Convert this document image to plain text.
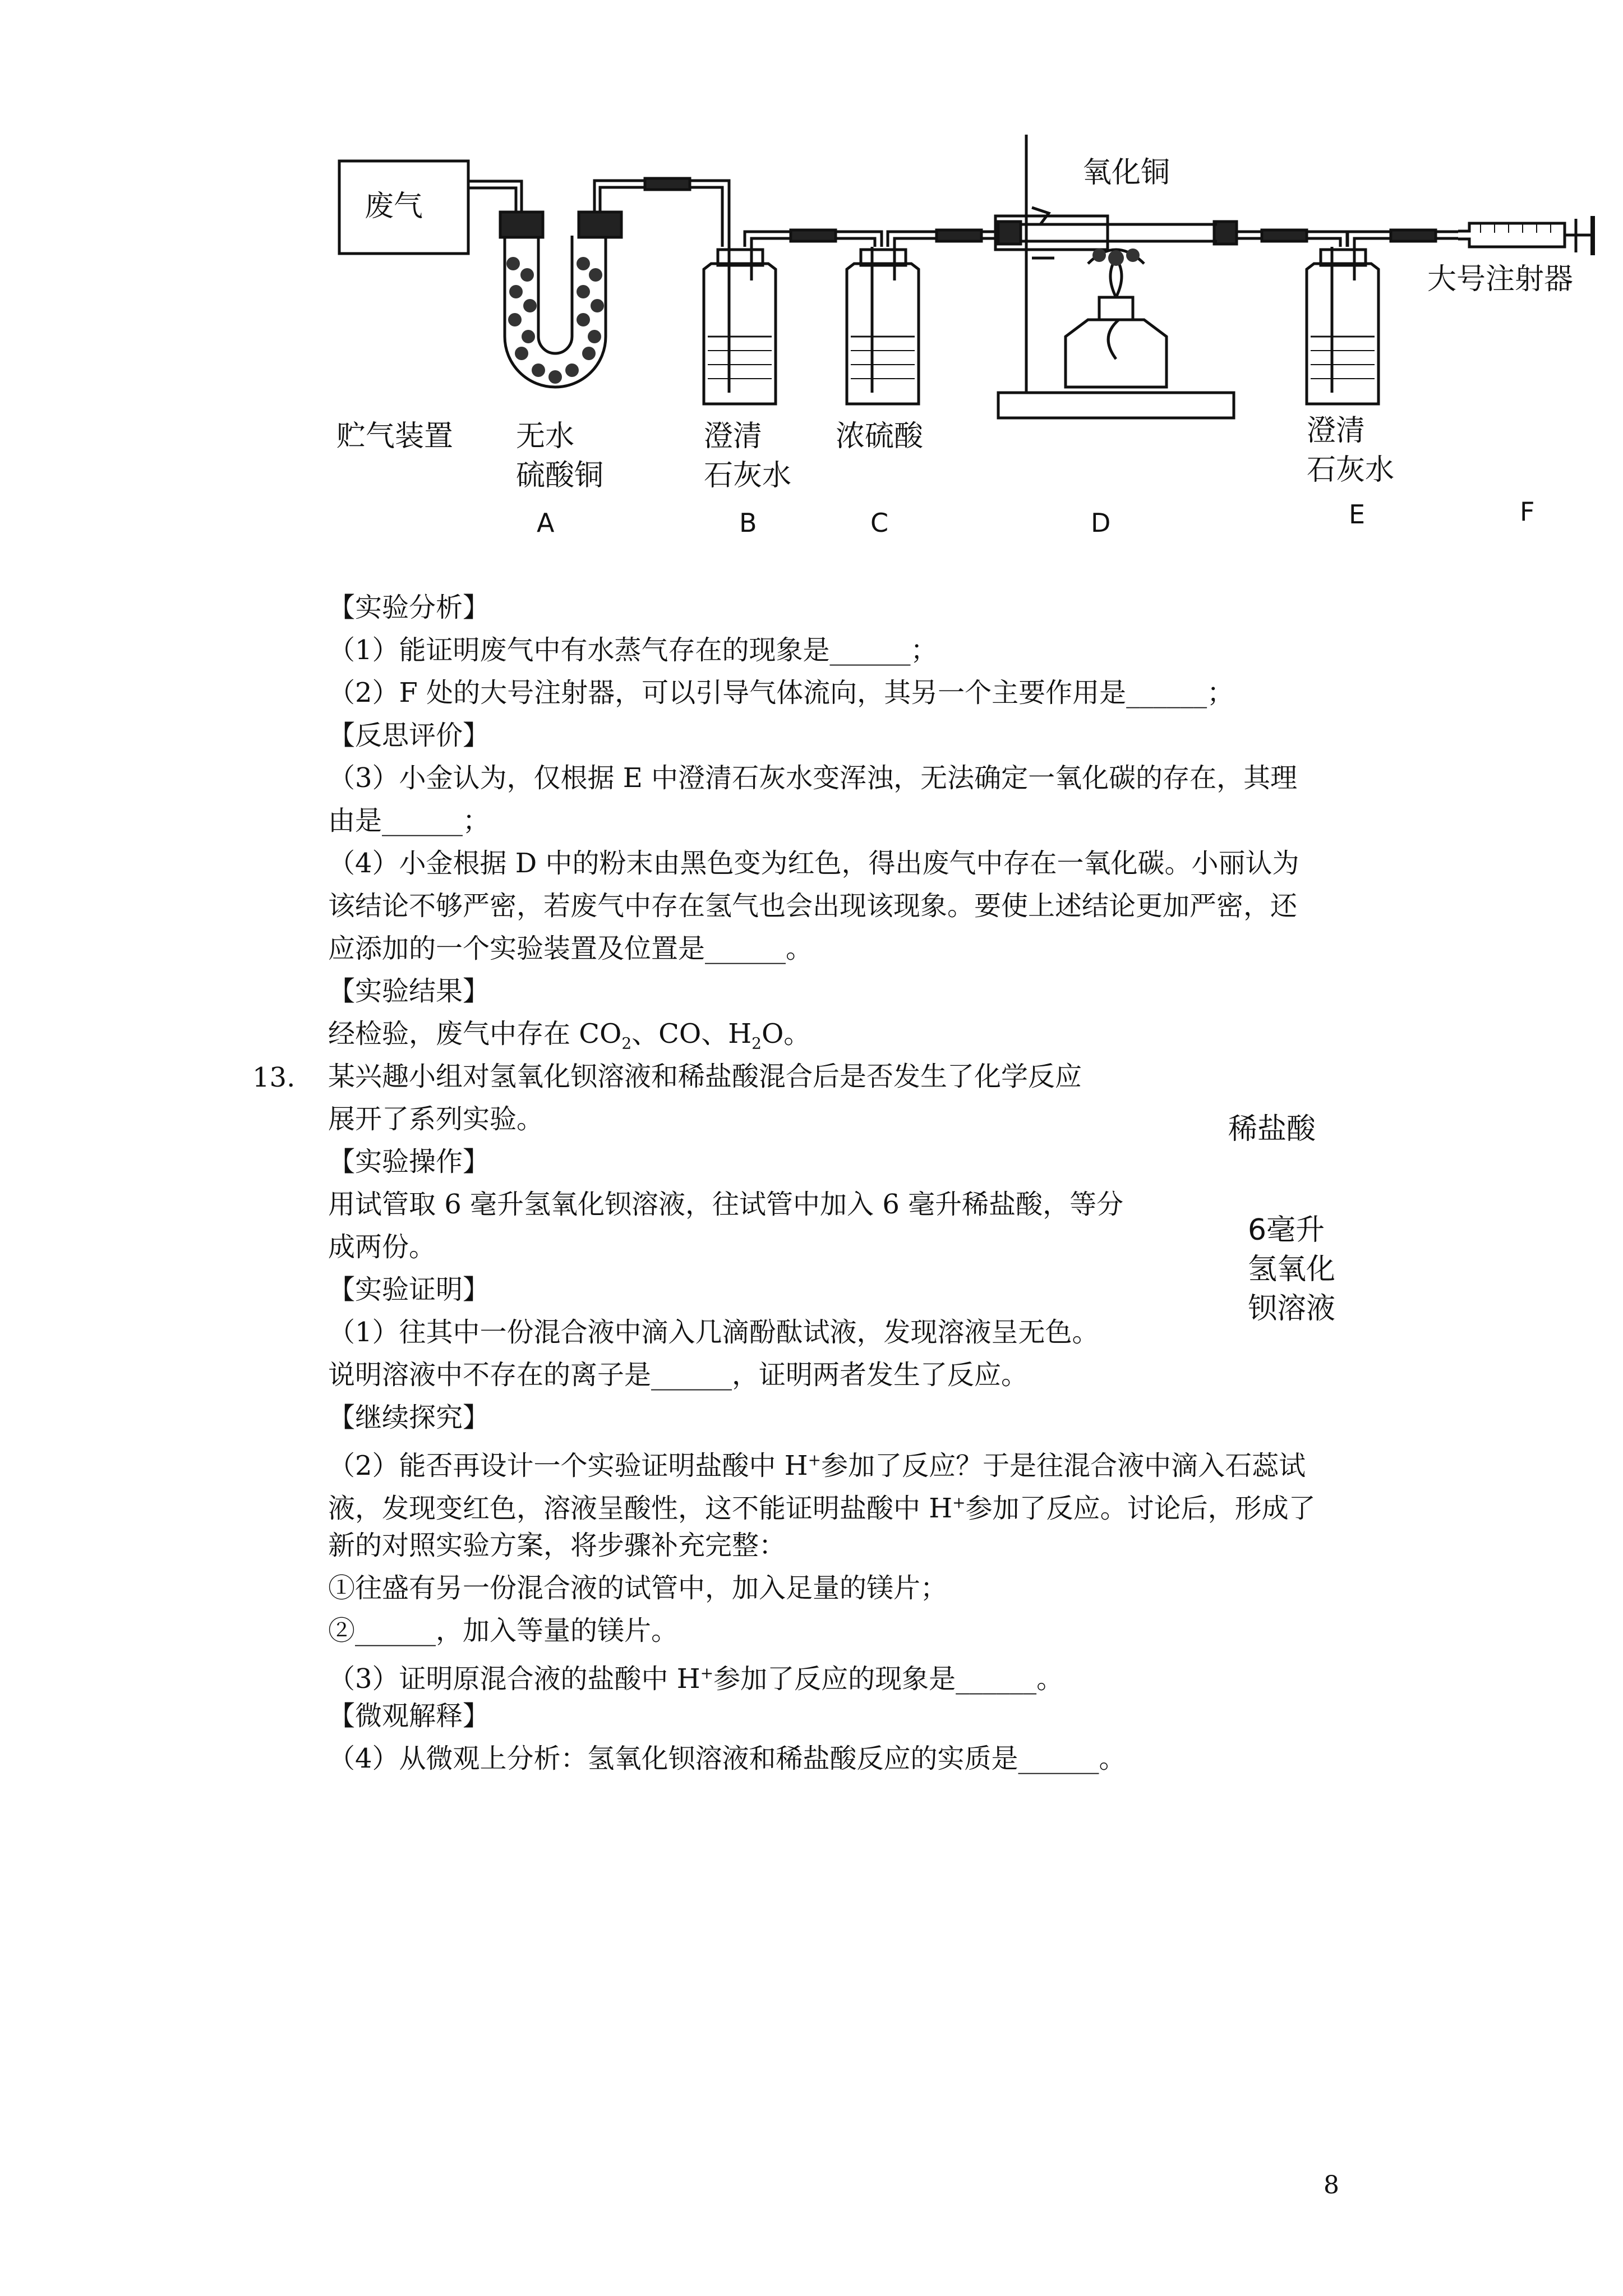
废气
氧化铜
大号注射器
贮气装置 无水
硫酸铜
澄清
石灰水
浓硫酸	澄清
石灰水
A	B	C	D	E	F
【实验分析】
（1）能证明废气中有水蒸气存在的现象是______；
（2）F 处的大号注射器，可以引导气体流向，其另一个主要作用是______；
【反思评价】
（3）小金认为，仅根据 E 中澄清石灰水变浑浊，无法确定一氧化碳的存在，其理
由是______；
（4）小金根据 D 中的粉末由黑色变为红色，得出废气中存在一氧化碳。小丽认为
该结论不够严密，若废气中存在氢气也会出现该现象。要使上述结论更加严密，还
应添加的一个实验装置及位置是______。
【实验结果】
经检验，废气中存在 $CO_2$、CO、$H_2O$。
13. 某兴趣小组对氢氧化钡溶液和稀盐酸混合后是否发生了化学反应
展开了系列实验。
【实验操作】
用试管取 6 毫升氢氧化钡溶液，往试管中加入 6 毫升稀盐酸，等分
成两份。
【实验证明】
（1）往其中一份混合液中滴入几滴酚酞试液，发现溶液呈无色。
说明溶液中不存在的离子是______，证明两者发生了反应。
【继续探究】
（2）能否再设计一个实验证明盐酸中 H+参加了反应？于是往混合液中滴入石蕊试
液，发现变红色，溶液呈酸性，这不能证明盐酸中 H+参加了反应。讨论后，形成了
新的对照实验方案，将步骤补充完整：
①往盛有另一份混合液的试管中，加入足量的镁片；
②______，加入等量的镁片。
（3）证明原混合液的盐酸中 H+参加了反应的现象是______。
【微观解释】
（4）从微观上分析：氢氧化钡溶液和稀盐酸反应的实质是______。
稀盐酸
6毫升
氢氧化
钡溶液
8
